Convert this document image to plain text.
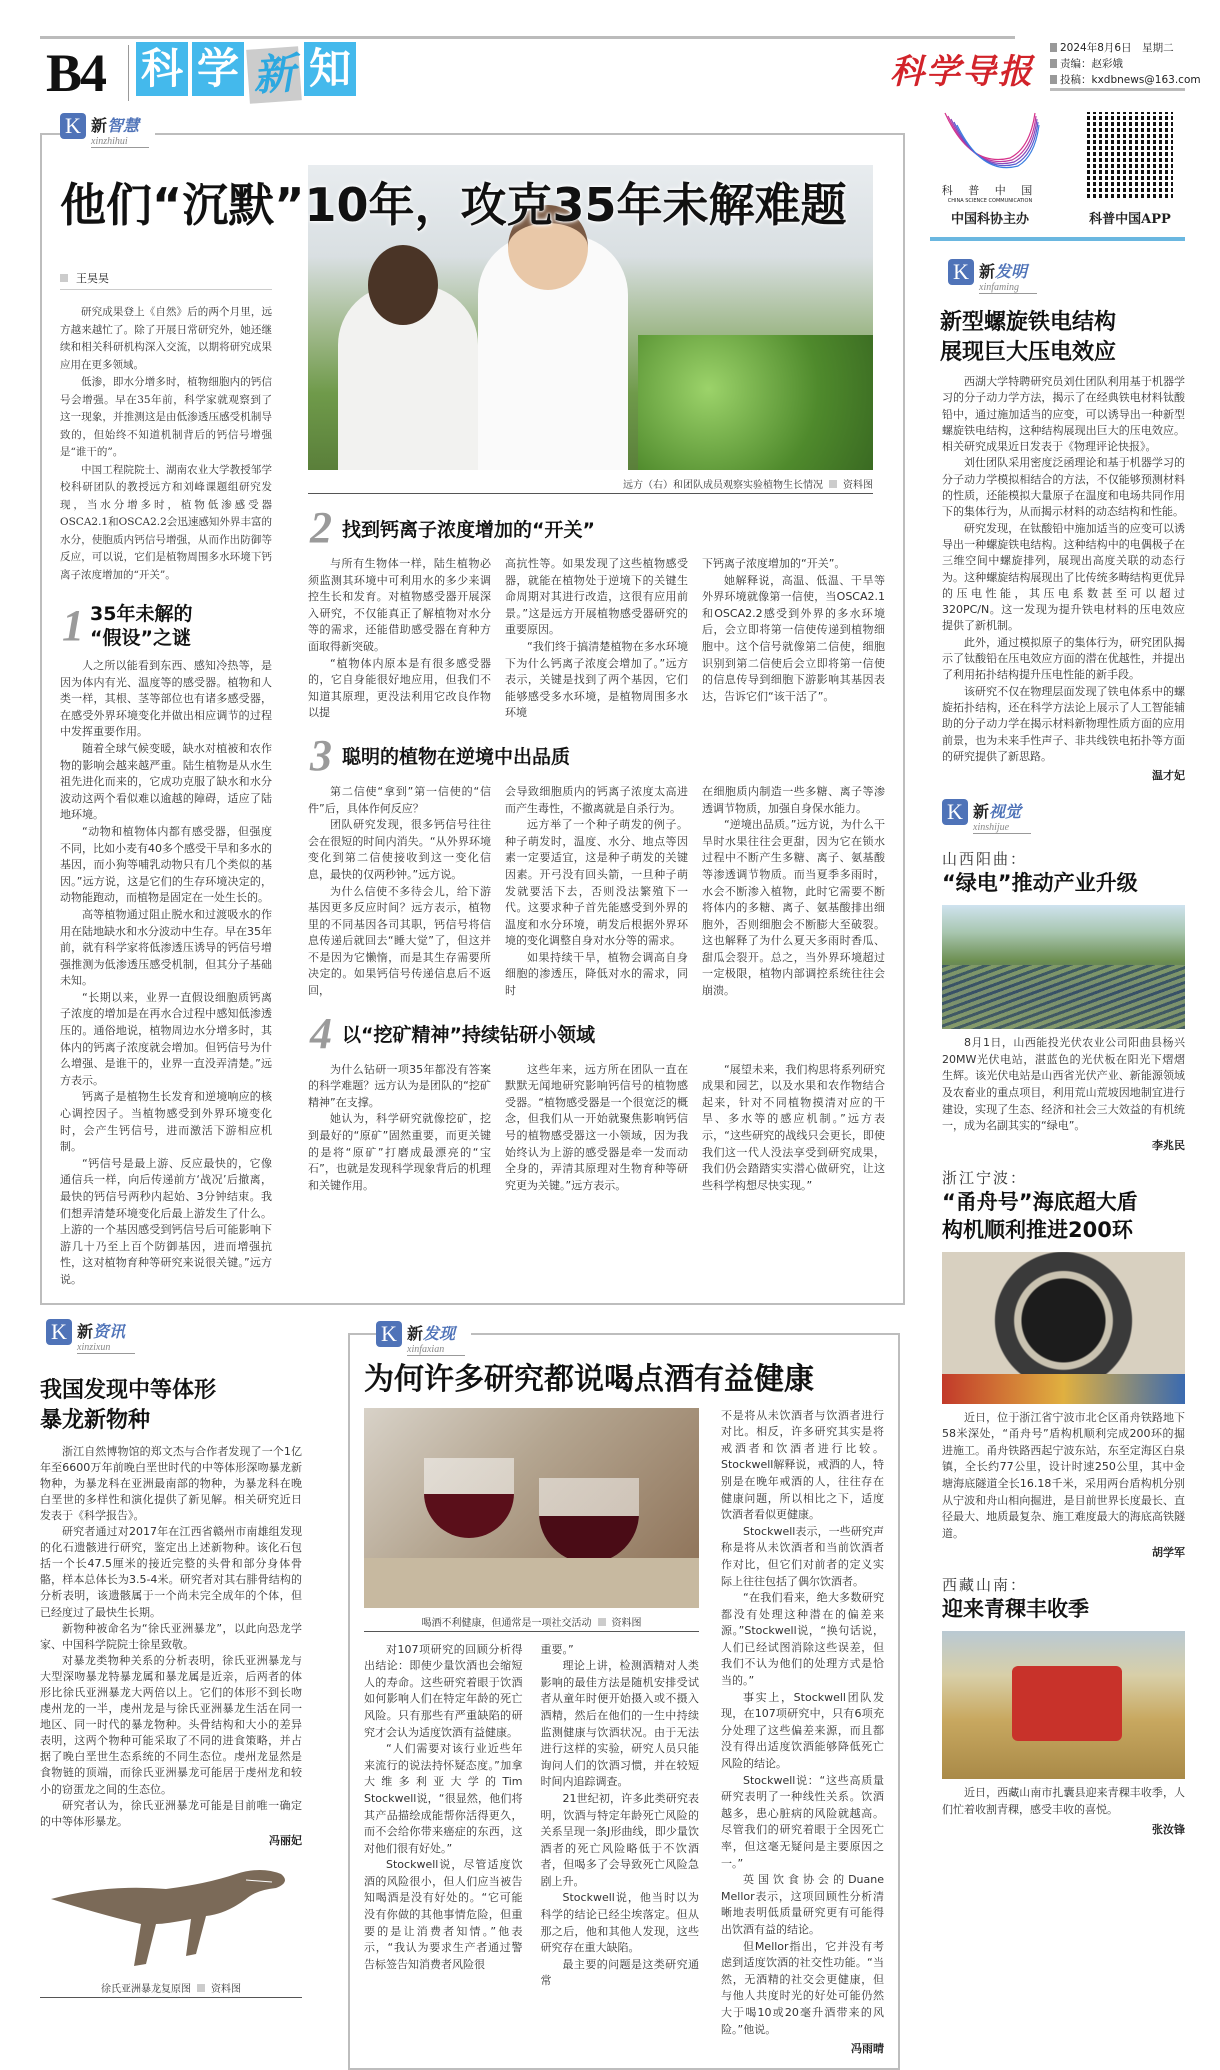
B4 科 学 新 知	科学导报
2024年8月6日　星期二
责编：赵彩娥
投稿：kxdbnews@163.com
K 新智慧
xinzhihui
他们“沉默”10年，攻克35年未解难题
王昊昊

研究成果登上《自然》后的两个月里，远方越来越忙了。除了开展日常研究外，她还继续和相关科研机构深入交流，以期将研究成果应用在更多领域。

低渗，即水分增多时，植物细胞内的钙信号会增强。早在35年前，科学家就观察到了这一现象，并推测这是由低渗透压感受机制导致的，但始终不知道机制背后的钙信号增强是“谁干的”。

中国工程院院士、湖南农业大学教授邹学校科研团队的教授远方和刘峰课题组研究发现，当水分增多时，植物低渗感受器OSCA2.1和OSCA2.2会迅速感知外界丰富的水分，使胞质内钙信号增强，从而作出防御等反应，可以说，它们是植物周围多水环境下钙离子浓度增加的“开关”。

1 35年未解的
“假设”之谜

人之所以能看到东西、感知冷热等，是因为体内有光、温度等的感受器。植物和人类一样，其根、茎等部位也有诸多感受器，在感受外界环境变化并做出相应调节的过程中发挥重要作用。

随着全球气候变暖，缺水对植被和农作物的影响会越来越严重。陆生植物是从水生祖先进化而来的，它成功克服了缺水和水分波动这两个看似难以逾越的障碍，适应了陆地环境。

“动物和植物体内都有感受器，但强度不同，比如小麦有40多个感受干旱和多水的基因，而小狗等哺乳动物只有几个类似的基因。”远方说，这是它们的生存环境决定的，动物能跑动，而植物是固定在一处生长的。

高等植物通过阻止脱水和过渡吸水的作用在陆地缺水和水分波动中生存。早在35年前，就有科学家将低渗透压诱导的钙信号增强推测为低渗透压感受机制，但其分子基础未知。

“长期以来，业界一直假设细胞质钙离子浓度的增加是在再水合过程中感知低渗透压的。通俗地说，植物周边水分增多时，其体内的钙离子浓度就会增加。但钙信号为什么增强、是谁干的，业界一直没弄清楚。”远方表示。

钙离子是植物生长发育和逆境响应的核心调控因子。当植物感受到外界环境变化时，会产生钙信号，进而激活下游相应机制。

“钙信号是最上游、反应最快的，它像通信兵一样，向后传递前方‘战况’后撤离，最快的钙信号两秒内起始、3分钟结束。我们想弄清楚环境变化后最上游发生了什么。上游的一个基因感受到钙信号后可能影响下游几十乃至上百个防御基因，进而增强抗性，这对植物育种等研究来说很关键。”远方说。

远方（右）和团队成员观察实验植物生长情况 资料图
2 找到钙离子浓度增加的“开关”

与所有生物体一样，陆生植物必须监测其环境中可利用水的多少来调控生长和发育。对植物感受器开展深入研究，不仅能真正了解植物对水分等的需求，还能借助感受器在育种方面取得新突破。

“植物体内原本是有很多感受器的，它自身能很好地应用，但我们不知道其原理，更没法利用它改良作物以提

高抗性等。如果发现了这些植物感受器，就能在植物处于逆境下的关键生命周期对其进行改造，这很有应用前景。”这是远方开展植物感受器研究的重要原因。

“我们终于搞清楚植物在多水环境下为什么钙离子浓度会增加了。”远方表示，关键是找到了两个基因，它们能够感受多水环境，是植物周围多水环境

下钙离子浓度增加的“开关”。

她解释说，高温、低温、干旱等外界环境就像第一信使，当OSCA2.1和OSCA2.2感受到外界的多水环境后，会立即将第一信使传递到植物细胞中。这个信号就像第二信使，细胞识别到第二信使后会立即将第一信使的信息传导到细胞下游影响其基因表达，告诉它们“该干活了”。

3 聪明的植物在逆境中出品质

第二信使“拿到”第一信使的“信件”后，具体作何反应？

团队研究发现，很多钙信号往往会在很短的时间内消失。“从外界环境变化到第二信使接收到这一变化信息，最快的仅两秒钟。”远方说。

为什么信使不多待会儿，给下游基因更多反应时间？远方表示，植物里的不同基因各司其职，钙信号将信息传递后就回去“睡大觉”了，但这并不是因为它懒惰，而是其生存需要所决定的。如果钙信号传递信息后不返回，

会导致细胞质内的钙离子浓度太高进而产生毒性，不撤离就是自杀行为。

远方举了一个种子萌发的例子。种子萌发时，温度、水分、地点等因素一定要适宜，这是种子萌发的关键因素。开弓没有回头箭，一旦种子萌发就要活下去，否则没法繁殖下一代。这要求种子首先能感受到外界的温度和水分环境，萌发后根据外界环境的变化调整自身对水分等的需求。

如果持续干旱，植物会调高自身细胞的渗透压，降低对水的需求，同时

在细胞质内制造一些多糖、离子等渗透调节物质，加强自身保水能力。

“逆境出品质。”远方说，为什么干旱时水果往往会更甜，因为它在锁水过程中不断产生多糖、离子、氨基酸等渗透调节物质。而当夏季多雨时，水会不断渗入植物，此时它需要不断将体内的多糖、离子、氨基酸排出细胞外，否则细胞会不断膨大至破裂。这也解释了为什么夏天多雨时香瓜、甜瓜会裂开。总之，当外界环境超过一定极限，植物内部调控系统往往会崩溃。

4 以“挖矿精神”持续钻研小领域

为什么钻研一项35年都没有答案的科学难题？远方认为是团队的“挖矿精神”在支撑。

她认为，科学研究就像挖矿，挖到最好的“原矿”固然重要，而更关键的是将“原矿”打磨成最漂亮的“宝石”，也就是发现科学现象背后的机理和关键作用。

这些年来，远方所在团队一直在默默无闻地研究影响钙信号的植物感受器。“植物感受器是一个很宽泛的概念，但我们从一开始就聚焦影响钙信号的植物感受器这一小领域，因为我始终认为上游的感受器是牵一发而动全身的，弄清其原理对生物育种等研究更为关键。”远方表示。

“展望未来，我们构思将系列研究成果和园艺，以及水果和农作物结合起来，针对不同植物摸清对应的干旱、多水等的感应机制。”远方表示，“这些研究的战线只会更长，即使我们这一代人没法享受到研究成果，我们仍会踏踏实实潜心做研究，让这些科学构想尽快实现。”

K 新资讯
xinzixun
我国发现中等体形
暴龙新物种

浙江自然博物馆的郑文杰与合作者发现了一个1亿年至6600万年前晚白垩世时代的中等体形深吻暴龙新物种，为暴龙科在亚洲最南部的物种，为暴龙科在晚白垩世的多样性和演化提供了新见解。相关研究近日发表于《科学报告》。

研究者通过对2017年在江西省赣州市南雄组发现的化石遗骸进行研究，鉴定出上述新物种。该化石包括一个长47.5厘米的接近完整的头骨和部分身体骨骼，样本总体长为3.5-4米。研究者对其右腓骨结构的分析表明，该遗骸属于一个尚未完全成年的个体，但已经度过了最快生长期。

新物种被命名为“徐氏亚洲暴龙”，以此向恐龙学家、中国科学院院士徐星致敬。

对暴龙类物种关系的分析表明，徐氏亚洲暴龙与大型深吻暴龙特暴龙属和暴龙属是近亲，后两者的体形比徐氏亚洲暴龙大两倍以上。它们的体形不到长吻虔州龙的一半，虔州龙是与徐氏亚洲暴龙生活在同一地区、同一时代的暴龙物种。头骨结构和大小的差异表明，这两个物种可能采取了不同的进食策略，并占据了晚白垩世生态系统的不同生态位。虔州龙显然是食物链的顶端，而徐氏亚洲暴龙可能居于虔州龙和较小的窃蛋龙之间的生态位。

研究者认为，徐氏亚洲暴龙可能是目前唯一确定的中等体形暴龙。

冯丽妃
徐氏亚洲暴龙复原图 资料图
K 新发现
xinfaxian
为何许多研究都说喝点酒有益健康
喝酒不利健康，但通常是一项社交活动 资料图

对107项研究的回顾分析得出结论：即使少量饮酒也会缩短人的寿命。这些研究着眼于饮酒如何影响人们在特定年龄的死亡风险。只有那些有严重缺陷的研究才会认为适度饮酒有益健康。

“人们需要对该行业近些年来流行的说法持怀疑态度。”加拿大维多利亚大学的Tim Stockwell说，“很显然，他们将其产品描绘成能帮你活得更久，而不会给你带来癌症的东西，这对他们很有好处。”

Stockwell说，尽管适度饮酒的风险很小，但人们应当被告知喝酒是没有好处的。“它可能没有你做的其他事情危险，但重要的是让消费者知情。”他表示，“我认为要求生产者通过警告标签告知消费者风险很

重要。”

理论上讲，检测酒精对人类影响的最佳方法是随机安排受试者从童年时便开始摄入或不摄入酒精，然后在他们的一生中持续监测健康与饮酒状况。由于无法进行这样的实验，研究人员只能询问人们的饮酒习惯，并在较短时间内追踪调查。

21世纪初，许多此类研究表明，饮酒与特定年龄死亡风险的关系呈现一条J形曲线，即少量饮酒者的死亡风险略低于不饮酒者，但喝多了会导致死亡风险急剧上升。

Stockwell说，他当时以为科学的结论已经尘埃落定。但从那之后，他和其他人发现，这些研究存在重大缺陷。

最主要的问题是这类研究通常

不是将从未饮酒者与饮酒者进行对比。相反，许多研究其实是将戒酒者和饮酒者进行比较。Stockwell解释说，戒酒的人，特别是在晚年戒酒的人，往往存在健康问题，所以相比之下，适度饮酒者看似更健康。

Stockwell表示，一些研究声称是将从未饮酒者和当前饮酒者作对比，但它们对前者的定义实际上往往包括了偶尔饮酒者。

“在我们看来，绝大多数研究都没有处理这种潜在的偏差来源。”Stockwell说，“换句话说，人们已经试图消除这些误差，但我们不认为他们的处理方式是恰当的。”

事实上，Stockwell团队发现，在107项研究中，只有6项充分处理了这些偏差来源，而且都没有得出适度饮酒能够降低死亡风险的结论。

Stockwell说：“这些高质量研究表明了一种线性关系。饮酒越多，患心脏病的风险就越高。尽管我们的研究着眼于全因死亡率，但这毫无疑问是主要原因之一。”

英国饮食协会的Duane Mellor表示，这项回顾性分析清晰地表明低质量研究更有可能得出饮酒有益的结论。

但Mellor指出，它并没有考虑到适度饮酒的社交性功能。“当然，无酒精的社交会更健康，但与他人共度时光的好处可能仍然大于喝10或20毫升酒带来的风险。”他说。

冯雨晴
科 普 中 国
CHINA SCIENCE COMMUNICATION
中国科协主办	科普中国APP
K 新发明
xinfaming
新型螺旋铁电结构
展现巨大压电效应

西湖大学特聘研究员刘仕团队利用基于机器学习的分子动力学方法，揭示了在经典铁电材料钛酸铅中，通过施加适当的应变，可以诱导出一种新型螺旋铁电结构，这种结构展现出巨大的压电效应。相关研究成果近日发表于《物理评论快报》。

刘仕团队采用密度泛函理论和基于机器学习的分子动力学模拟相结合的方法，不仅能够预测材料的性质，还能模拟大量原子在温度和电场共同作用下的集体行为，从而揭示材料的动态结构和性能。

研究发现，在钛酸铅中施加适当的应变可以诱导出一种螺旋铁电结构。这种结构中的电偶极子在三维空间中螺旋排列，展现出高度关联的动态行为。这种螺旋结构展现出了比传统多畴结构更优异的压电性能，其压电系数甚至可以超过320PC/N。这一发现为提升铁电材料的压电效应提供了新机制。

此外，通过模拟原子的集体行为，研究团队揭示了钛酸铅在压电效应方面的潜在优越性，并提出了利用拓扑结构提升压电性能的新手段。

该研究不仅在物理层面发现了铁电体系中的螺旋拓扑结构，还在科学方法论上展示了人工智能辅助的分子动力学在揭示材料新物理性质方面的应用前景，也为未来手性声子、非共线铁电拓扑等方面的研究提供了新思路。

温才妃
K 新视觉
xinshijue
山西阳曲：
“绿电”推动产业升级

8月1日，山西能投光伏农业公司阳曲县杨兴20MW光伏电站，湛蓝色的光伏板在阳光下熠熠生辉。该光伏电站是山西省光伏产业、新能源领域及农畜业的重点项目，利用荒山荒坡因地制宜进行建设，实现了生态、经济和社会三大效益的有机统一，成为名副其实的“绿电”。

李兆民
浙江宁波：
“甬舟号”海底超大盾
构机顺利推进200环

近日，位于浙江省宁波市北仑区甬舟铁路地下58米深处，“甬舟号”盾构机顺利完成200环的掘进施工。甬舟铁路西起宁波东站，东至定海区白泉镇，全长约77公里，设计时速250公里，其中金塘海底隧道全长16.18千米，采用两台盾构机分别从宁波和舟山相向掘进，是目前世界长度最长、直径最大、地质最复杂、施工难度最大的海底高铁隧道。

胡学军
西藏山南：
迎来青稞丰收季

近日，西藏山南市扎囊县迎来青稞丰收季，人们忙着收割青稞，感受丰收的喜悦。

张汝锋
